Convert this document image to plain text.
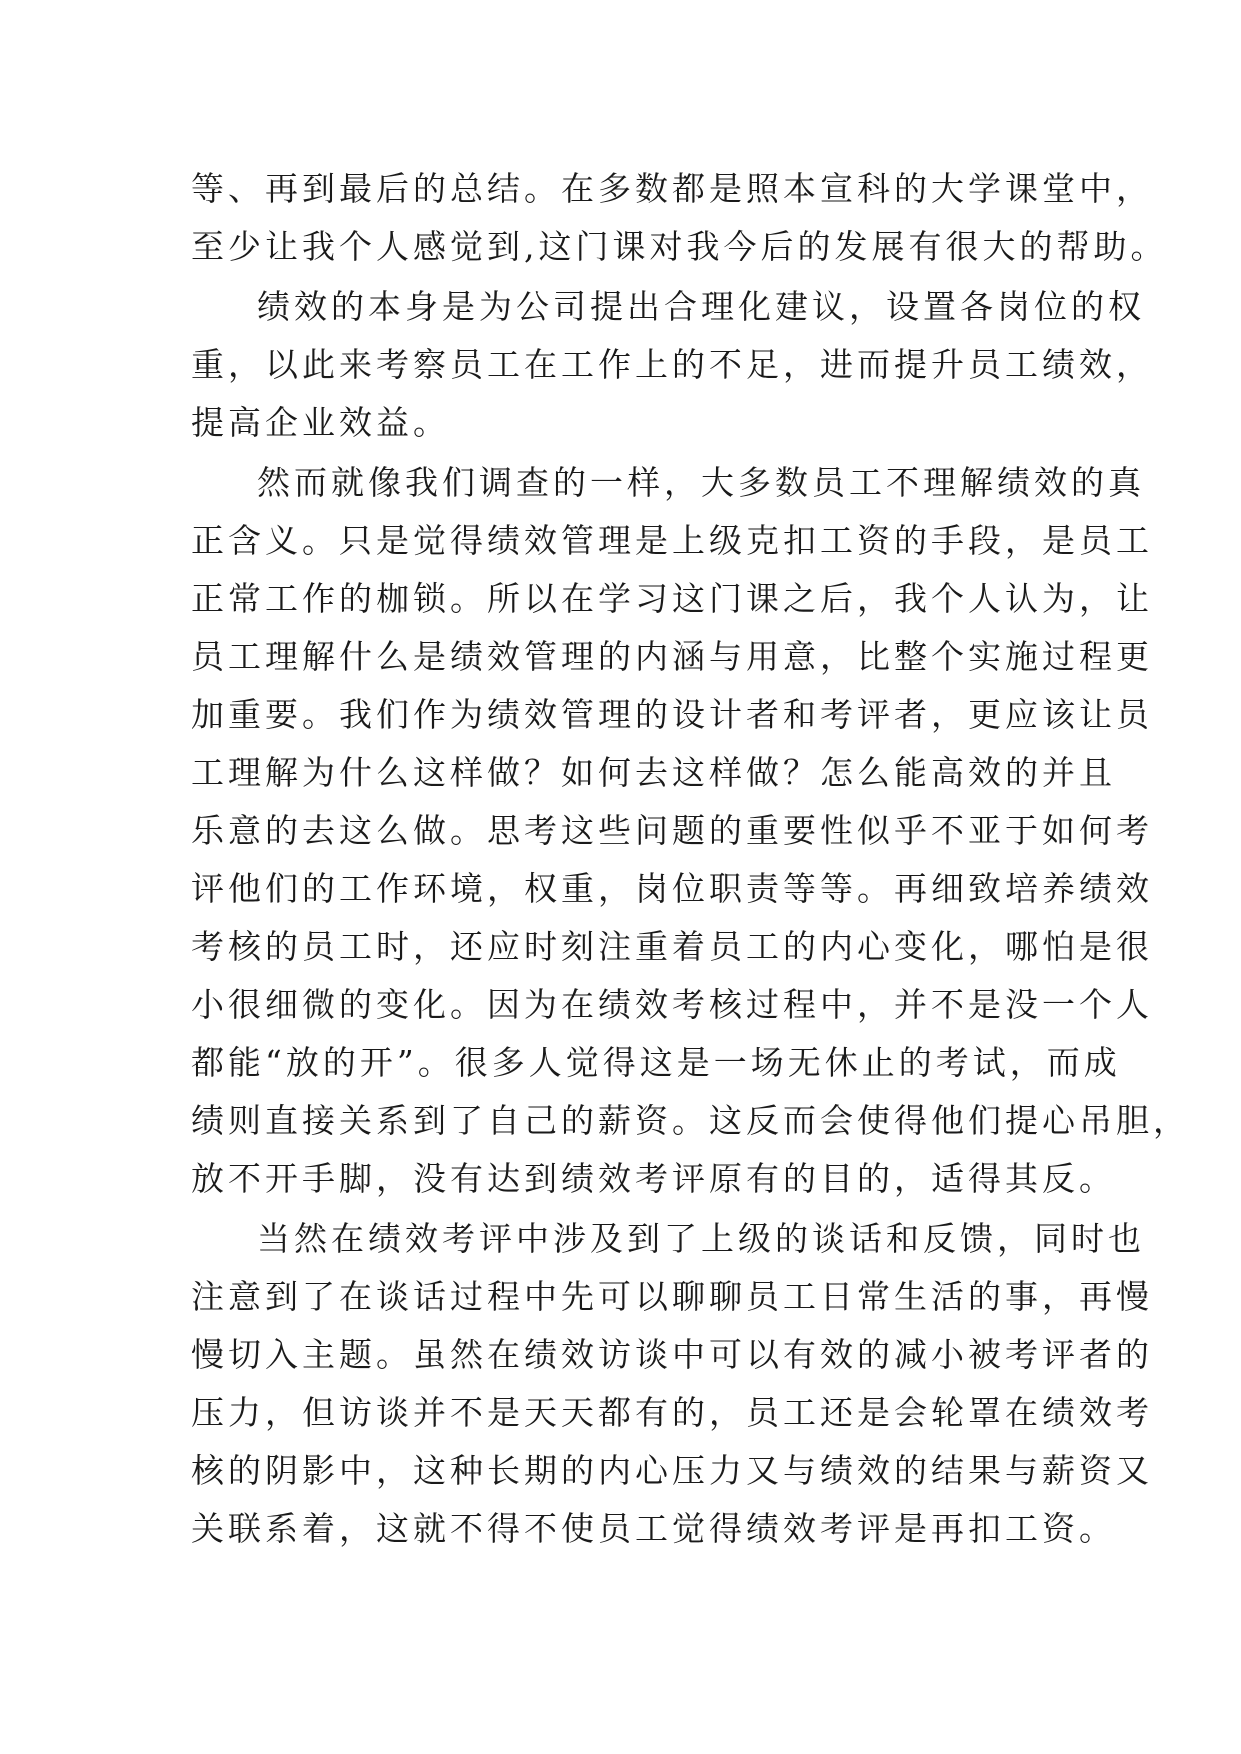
等、再到最后的总结。在多数都是照本宣科的大学课堂中，
至少让我个人感觉到,这门课对我今后的发展有很大的帮助。
绩效的本身是为公司提出合理化建议，设置各岗位的权
重，以此来考察员工在工作上的不足，进而提升员工绩效，
提高企业效益。
然而就像我们调查的一样，大多数员工不理解绩效的真
正含义。只是觉得绩效管理是上级克扣工资的手段，是员工
正常工作的枷锁。所以在学习这门课之后，我个人认为，让
员工理解什么是绩效管理的内涵与用意，比整个实施过程更
加重要。我们作为绩效管理的设计者和考评者，更应该让员
工理解为什么这样做？如何去这样做？怎么能高效的并且
乐意的去这么做。思考这些问题的重要性似乎不亚于如何考
评他们的工作环境，权重，岗位职责等等。再细致培养绩效
考核的员工时，还应时刻注重着员工的内心变化，哪怕是很
小很细微的变化。因为在绩效考核过程中，并不是没一个人
都能“放的开”。很多人觉得这是一场无休止的考试，而成
绩则直接关系到了自己的薪资。这反而会使得他们提心吊胆，
放不开手脚，没有达到绩效考评原有的目的，适得其反。
当然在绩效考评中涉及到了上级的谈话和反馈，同时也
注意到了在谈话过程中先可以聊聊员工日常生活的事，再慢
慢切入主题。虽然在绩效访谈中可以有效的减小被考评者的
压力，但访谈并不是天天都有的，员工还是会轮罩在绩效考
核的阴影中，这种长期的内心压力又与绩效的结果与薪资又
关联系着，这就不得不使员工觉得绩效考评是再扣工资。
